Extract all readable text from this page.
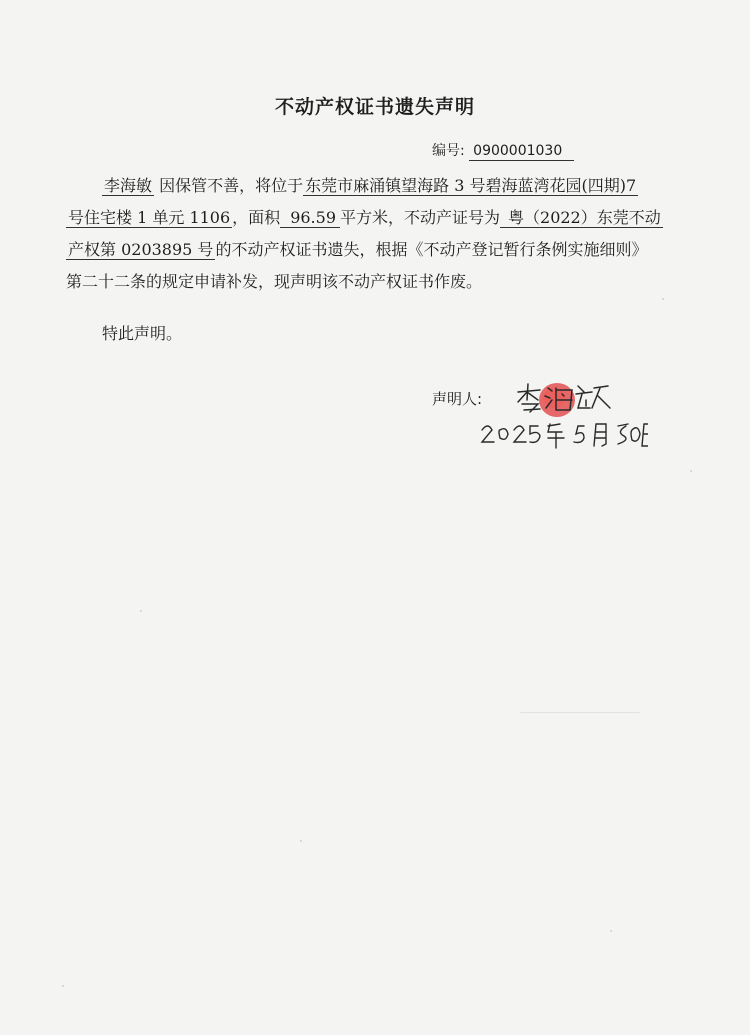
不动产权证书遗失声明
编号: 0900001030
李海敏 因保管不善，将位于 东莞市麻涌镇望海路 3 号碧海蓝湾花园(四期)7
号住宅楼 1 单元 1106 ，面积 96.59 平方米，不动产证号为 粤（2022）东莞不动
产权第 0203895 号 的不动产权证书遗失，根据《不动产登记暂行条例实施细则》
第二十二条的规定申请补发，现声明该不动产权证书作废。
特此声明。
声明人:
